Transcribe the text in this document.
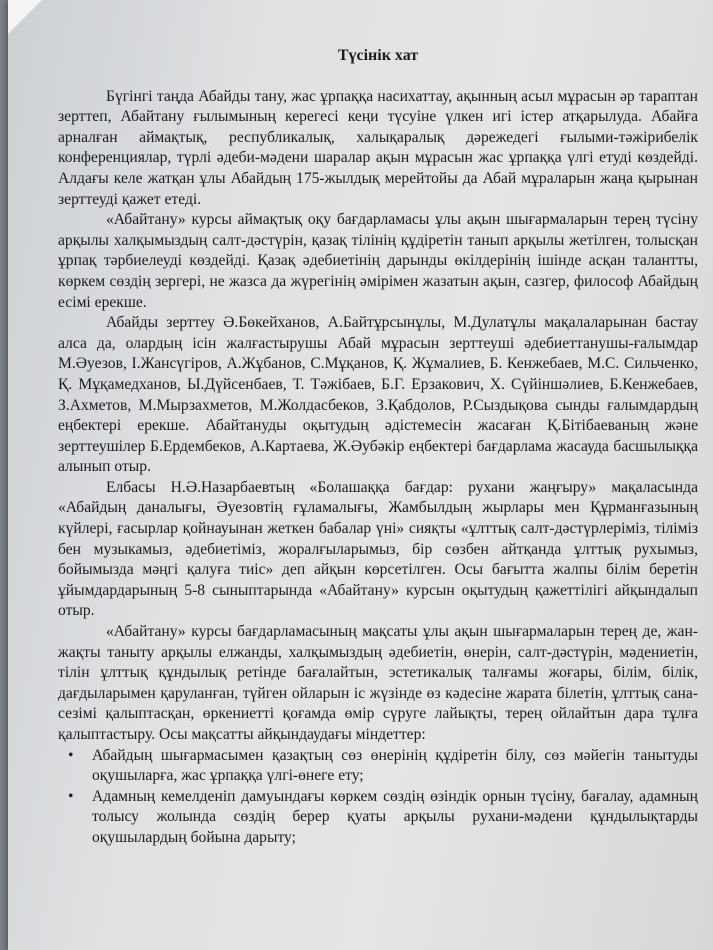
Түсінік хат

Бүгінгі таңда Абайды тану, жас ұрпаққа насихаттау, ақынның асыл мұрасын әр тараптан зерттеп, Абайтану ғылымының керегесі кеңи түсуіне үлкен игі істер атқарылуда. Абайға арналған аймақтық, республикалық, халықаралық дәрежедегі ғылыми-тәжірибелік конференциялар, түрлі әдеби-мәдени шаралар ақын мұрасын жас ұрпаққа үлгі етуді көздейді. Алдағы келе жатқан ұлы Абайдың 175-жылдық мерейтойы да Абай мұраларын жаңа қырынан зерттеуді қажет етеді.

«Абайтану» курсы аймақтық оқу бағдарламасы ұлы ақын шығармаларын терең түсіну арқылы халқымыздың салт-дәстүрін, қазақ тілінің құдіретін танып арқылы жетілген, толысқан ұрпақ тәрбиелеуді көздейді. Қазақ әдебиетінің дарынды өкілдерінің ішінде асқан талантты, көркем сөздің зергері, не жазса да жүрегінің әмірімен жазатын ақын, сазгер, философ Абайдың есімі ерекше.

Абайды зерттеу Ә.Бөкейханов, А.Байтұрсынұлы, М.Дулатұлы мақалаларынан бастау алса да, олардың ісін жалғастырушы Абай мұрасын зерттеуші әдебиеттанушы-ғалымдар М.Әуезов, І.Жансүгіров, А.Жұбанов, С.Мұқанов, Қ. Жұмалиев, Б. Кенжебаев, М.С. Сильченко, Қ. Мұқамедханов, Ы.Дүйсенбаев, Т. Тәжібаев, Б.Г. Ерзакович, Х. Сүйіншәлиев, Б.Кенжебаев, З.Ахметов, М.Мырзахметов, М.Жолдасбеков, З.Қабдолов, Р.Сыздықова сынды ғалымдардың еңбектері ерекше. Абайтануды оқытудың әдістемесін жасаған Қ.Бітібаеваның және зерттеушілер Б.Ердембеков, А.Картаева, Ж.Әубәкір еңбектері бағдарлама жасауда басшылыққа алынып отыр.

Елбасы Н.Ә.Назарбаевтың «Болашаққа бағдар: рухани жаңғыру» мақаласында «Абайдың даналығы, Әуезовтің ғұламалығы, Жамбылдың жырлары мен Құрманғазының күйлері, ғасырлар қойнауынан жеткен бабалар үні» сияқты «ұлттық салт-дәстүрлеріміз, тіліміз бен музыкамыз, әдебиетіміз, жоралғыларымыз, бір сөзбен айтқанда ұлттық рухымыз, бойымызда мәңгі қалуға тиіс» деп айқын көрсетілген. Осы бағытта жалпы білім беретін ұйымдардарының 5-8 сыныптарында «Абайтану» курсын оқытудың қажеттілігі айқындалып отыр.

«Абайтану» курсы бағдарламасының мақсаты ұлы ақын шығармаларын терең де, жан-жақты таныту арқылы елжанды, халқымыздың әдебиетін, өнерін, салт-дәстүрін, мәдениетін, тілін ұлттық құндылық ретінде бағалайтын, эстетикалық талғамы жоғары, білім, білік, дағдыларымен қаруланған, түйген ойларын іс жүзінде өз кәдесіне жарата білетін, ұлттық сана-сезімі қалыптасқан, өркениетті қоғамда өмір сүруге лайықты, терең ойлайтын дара тұлға қалыптастыру. Осы мақсатты айқындаудағы міндеттер:

• Абайдың шығармасымен қазақтың сөз өнерінің құдіретін білу, сөз мәйегін танытуды оқушыларға, жас ұрпаққа үлгі-өнеге ету;
• Адамның кемелденіп дамуындағы көркем сөздің өзіндік орнын түсіну, бағалау, адамның толысу жолында сөздің берер қуаты арқылы рухани-мәдени құндылықтарды оқушылардың бойына дарыту;
